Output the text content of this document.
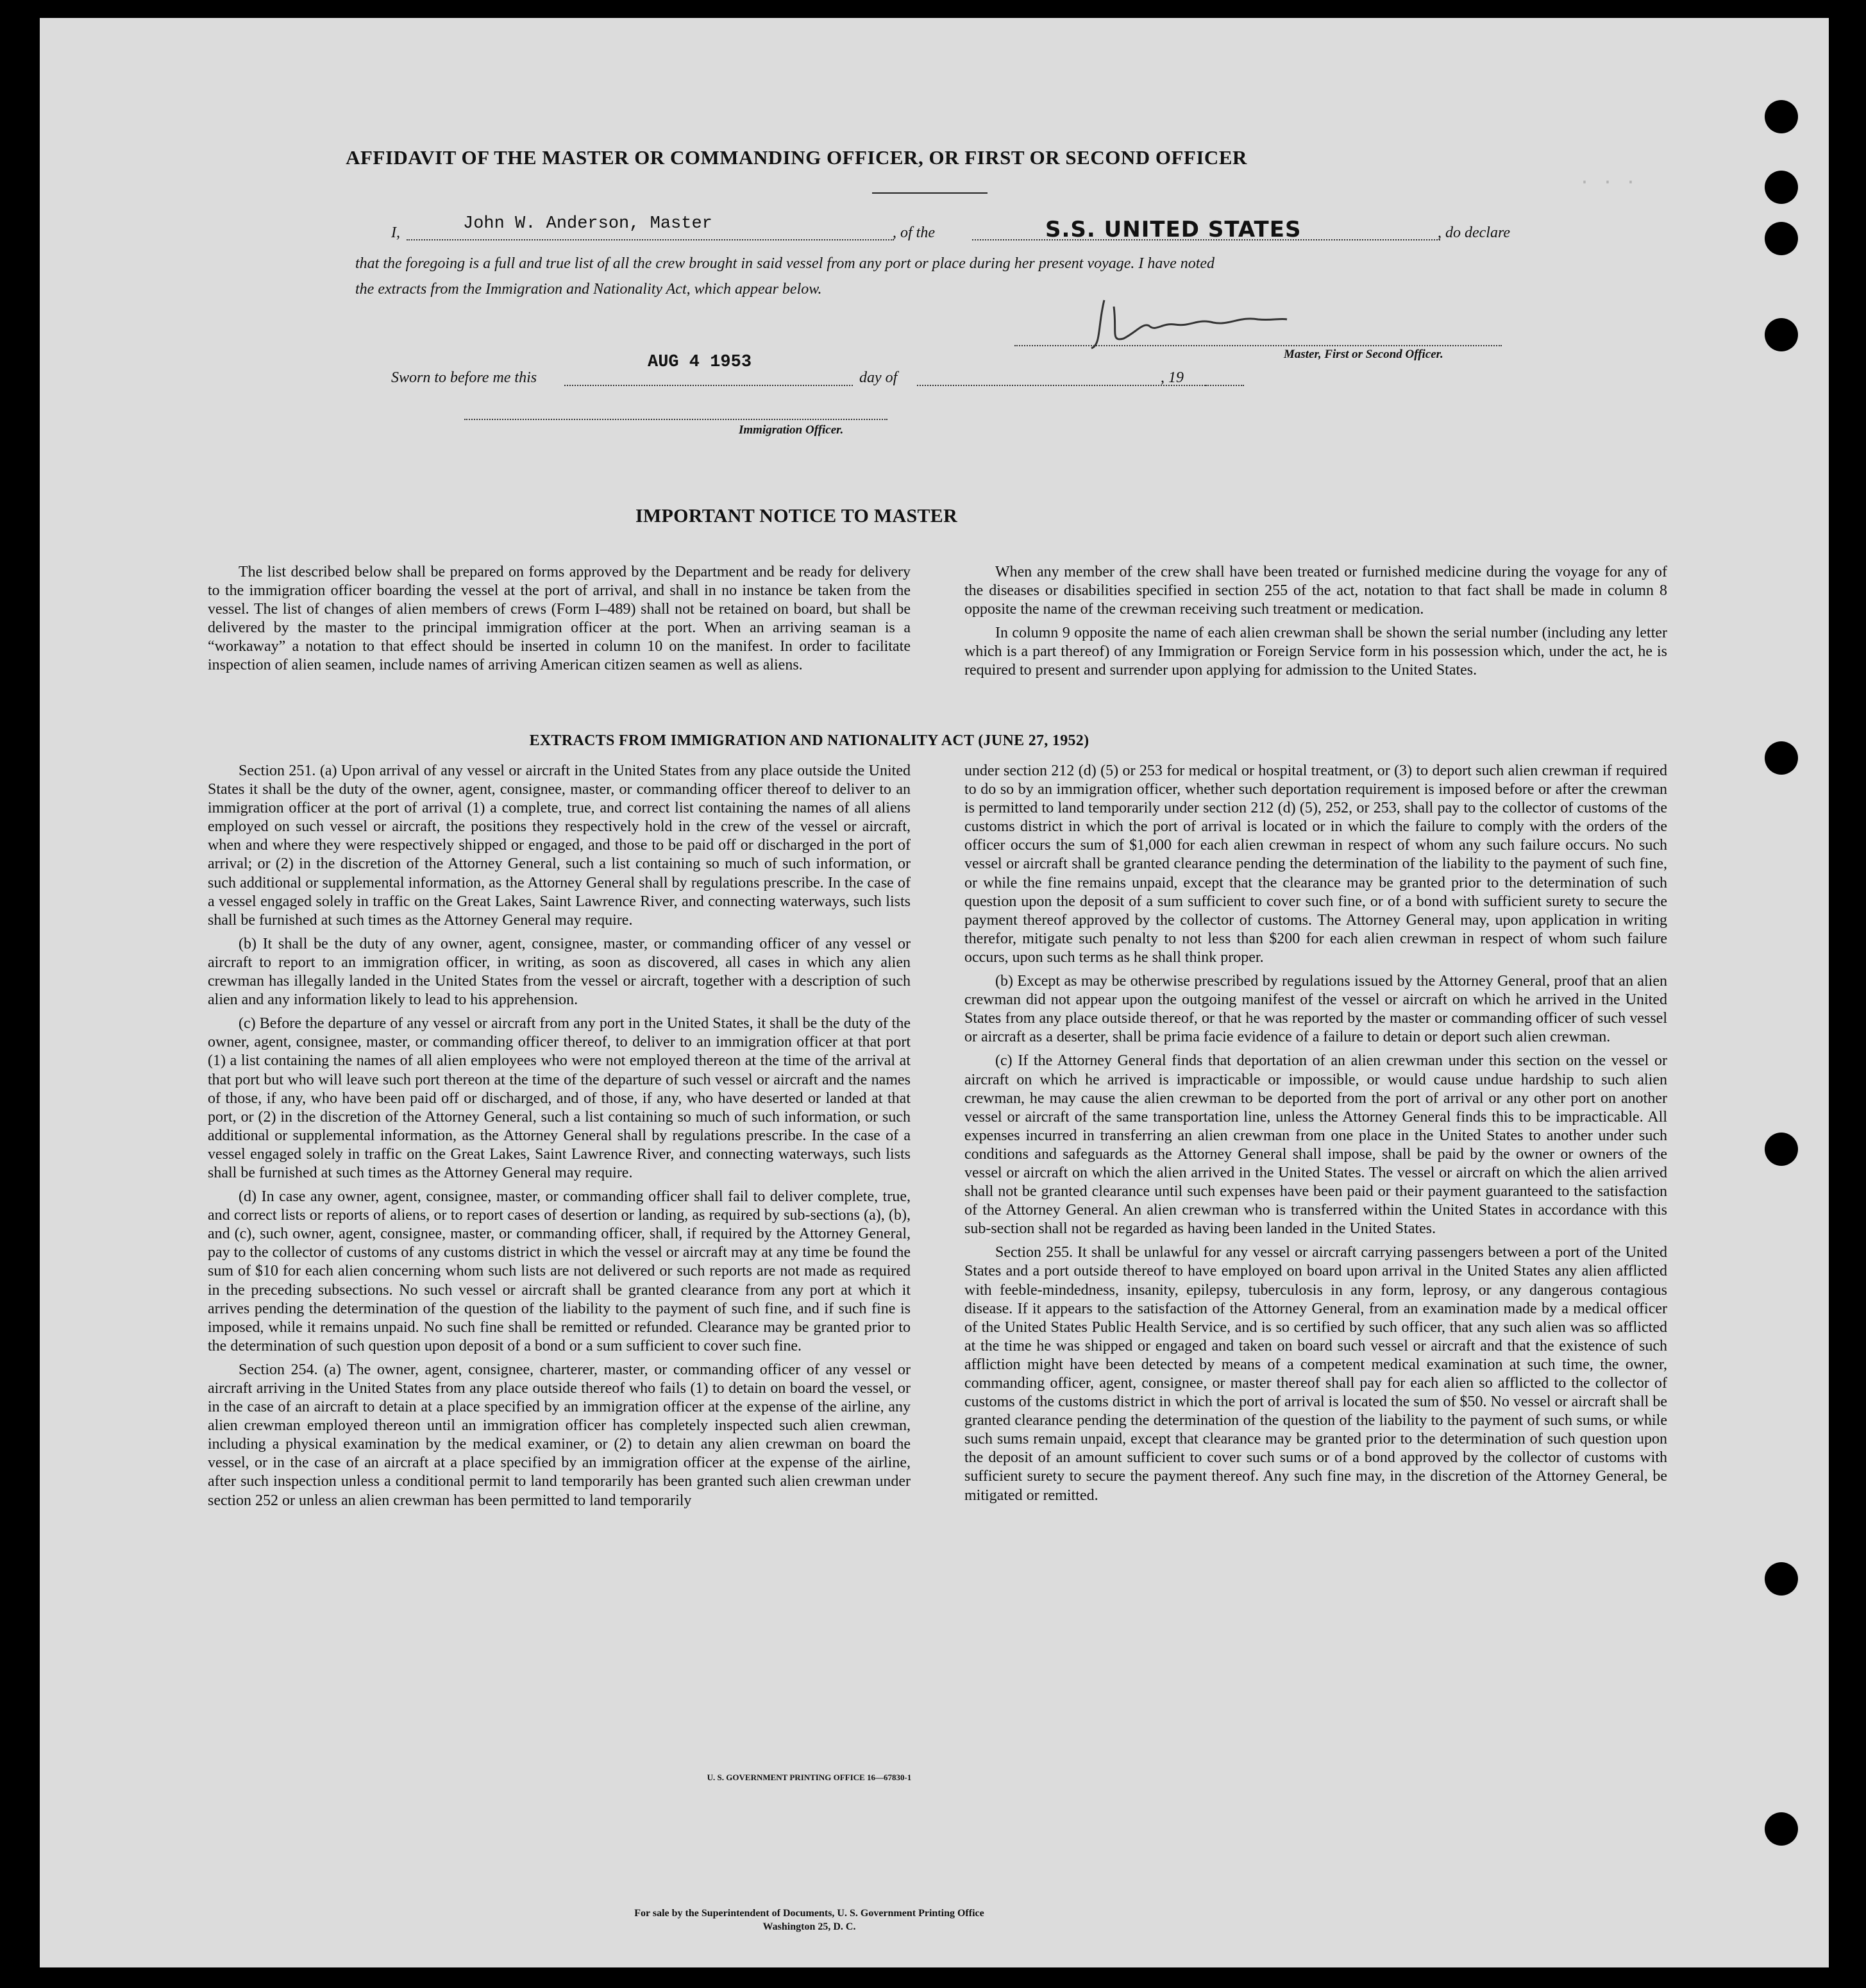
· · ·
AFFIDAVIT OF THE MASTER OR COMMANDING OFFICER, OR FIRST OR SECOND OFFICER
I,	John W. Anderson, Master	, of the	S.S. UNITED STATES	, do declare
that the foregoing is a full and true list of all the crew brought in said vessel from any port or place during her present voyage. I have noted
the extracts from the Immigration and Nationality Act, which appear below.
Master, First or Second Officer.
Sworn to before me this
AUG 4 1953
day of	, 19
Immigration Officer.
IMPORTANT NOTICE TO MASTER

The list described below shall be prepared on forms approved by the Department and be ready for delivery to the immigration officer boarding the vessel at the port of arrival, and shall in no instance be taken from the vessel. The list of changes of alien members of crews (Form I–489) shall not be retained on board, but shall be delivered by the master to the principal immigration officer at the port. When an arriving seaman is a “workaway” a notation to that effect should be inserted in column 10 on the manifest. In order to facilitate inspection of alien seamen, include names of arriving American citizen seamen as well as aliens.

When any member of the crew shall have been treated or furnished medicine during the voyage for any of the diseases or disabilities specified in section 255 of the act, notation to that fact shall be made in column 8 opposite the name of the crewman receiving such treatment or medication.

In column 9 opposite the name of each alien crewman shall be shown the serial number (including any letter which is a part thereof) of any Immigration or Foreign Service form in his possession which, under the act, he is required to present and surrender upon applying for admission to the United States.

EXTRACTS FROM IMMIGRATION AND NATIONALITY ACT (JUNE 27, 1952)

Section 251. (a) Upon arrival of any vessel or aircraft in the United States from any place outside the United States it shall be the duty of the owner, agent, consignee, master, or commanding officer thereof to deliver to an immigration officer at the port of arrival (1) a complete, true, and correct list containing the names of all aliens employed on such vessel or aircraft, the positions they respectively hold in the crew of the vessel or aircraft, when and where they were respectively shipped or engaged, and those to be paid off or discharged in the port of arrival; or (2) in the discretion of the Attorney General, such a list containing so much of such information, or such additional or supplemental information, as the Attorney General shall by regulations prescribe. In the case of a vessel engaged solely in traffic on the Great Lakes, Saint Lawrence River, and connecting waterways, such lists shall be furnished at such times as the Attorney General may require.

(b) It shall be the duty of any owner, agent, consignee, master, or commanding officer of any vessel or aircraft to report to an immigration officer, in writing, as soon as discovered, all cases in which any alien crewman has illegally landed in the United States from the vessel or aircraft, together with a description of such alien and any information likely to lead to his apprehension.

(c) Before the departure of any vessel or aircraft from any port in the United States, it shall be the duty of the owner, agent, consignee, master, or commanding officer thereof, to deliver to an immigration officer at that port (1) a list containing the names of all alien employees who were not employed thereon at the time of the arrival at that port but who will leave such port thereon at the time of the departure of such vessel or aircraft and the names of those, if any, who have been paid off or discharged, and of those, if any, who have deserted or landed at that port, or (2) in the discretion of the Attorney General, such a list containing so much of such information, or such additional or supplemental information, as the Attorney General shall by regulations prescribe. In the case of a vessel engaged solely in traffic on the Great Lakes, Saint Lawrence River, and connecting waterways, such lists shall be furnished at such times as the Attorney General may require.

(d) In case any owner, agent, consignee, master, or commanding officer shall fail to deliver complete, true, and correct lists or reports of aliens, or to report cases of desertion or landing, as required by sub-sections (a), (b), and (c), such owner, agent, consignee, master, or commanding officer, shall, if required by the Attorney General, pay to the collector of customs of any customs district in which the vessel or aircraft may at any time be found the sum of $10 for each alien concerning whom such lists are not delivered or such reports are not made as required in the preceding subsections. No such vessel or aircraft shall be granted clearance from any port at which it arrives pending the determination of the question of the liability to the payment of such fine, and if such fine is imposed, while it remains unpaid. No such fine shall be remitted or refunded. Clearance may be granted prior to the determination of such question upon deposit of a bond or a sum sufficient to cover such fine.

Section 254. (a) The owner, agent, consignee, charterer, master, or commanding officer of any vessel or aircraft arriving in the United States from any place outside thereof who fails (1) to detain on board the vessel, or in the case of an aircraft to detain at a place specified by an immigration officer at the expense of the airline, any alien crewman employed thereon until an immigration officer has completely inspected such alien crewman, including a physical examination by the medical examiner, or (2) to detain any alien crewman on board the vessel, or in the case of an aircraft at a place specified by an immigration officer at the expense of the airline, after such inspection unless a conditional permit to land temporarily has been granted such alien crewman under section 252 or unless an alien crewman has been permitted to land temporarily

under section 212 (d) (5) or 253 for medical or hospital treatment, or (3) to deport such alien crewman if required to do so by an immigration officer, whether such deportation requirement is imposed before or after the crewman is permitted to land temporarily under section 212 (d) (5), 252, or 253, shall pay to the collector of customs of the customs district in which the port of arrival is located or in which the failure to comply with the orders of the officer occurs the sum of $1,000 for each alien crewman in respect of whom any such failure occurs. No such vessel or aircraft shall be granted clearance pending the determination of the liability to the payment of such fine, or while the fine remains unpaid, except that the clearance may be granted prior to the determination of such question upon the deposit of a sum sufficient to cover such fine, or of a bond with sufficient surety to secure the payment thereof approved by the collector of customs. The Attorney General may, upon application in writing therefor, mitigate such penalty to not less than $200 for each alien crewman in respect of whom such failure occurs, upon such terms as he shall think proper.

(b) Except as may be otherwise prescribed by regulations issued by the Attorney General, proof that an alien crewman did not appear upon the outgoing manifest of the vessel or aircraft on which he arrived in the United States from any place outside thereof, or that he was reported by the master or commanding officer of such vessel or aircraft as a deserter, shall be prima facie evidence of a failure to detain or deport such alien crewman.

(c) If the Attorney General finds that deportation of an alien crewman under this section on the vessel or aircraft on which he arrived is impracticable or impossible, or would cause undue hardship to such alien crewman, he may cause the alien crewman to be deported from the port of arrival or any other port on another vessel or aircraft of the same transportation line, unless the Attorney General finds this to be impracticable. All expenses incurred in transferring an alien crewman from one place in the United States to another under such conditions and safeguards as the Attorney General shall impose, shall be paid by the owner or owners of the vessel or aircraft on which the alien arrived in the United States. The vessel or aircraft on which the alien arrived shall not be granted clearance until such expenses have been paid or their payment guaranteed to the satisfaction of the Attorney General. An alien crewman who is transferred within the United States in accordance with this sub-section shall not be regarded as having been landed in the United States.

Section 255. It shall be unlawful for any vessel or aircraft carrying passengers between a port of the United States and a port outside thereof to have employed on board upon arrival in the United States any alien afflicted with feeble-mindedness, insanity, epilepsy, tuberculosis in any form, leprosy, or any dangerous contagious disease. If it appears to the satisfaction of the Attorney General, from an examination made by a medical officer of the United States Public Health Service, and is so certified by such officer, that any such alien was so afflicted at the time he was shipped or engaged and taken on board such vessel or aircraft and that the existence of such affliction might have been detected by means of a competent medical examination at such time, the owner, commanding officer, agent, consignee, or master thereof shall pay for each alien so afflicted to the collector of customs of the customs district in which the port of arrival is located the sum of $50. No vessel or aircraft shall be granted clearance pending the determination of the question of the liability to the payment of such sums, or while such sums remain unpaid, except that clearance may be granted prior to the determination of such question upon the deposit of an amount sufficient to cover such sums or of a bond approved by the collector of customs with sufficient surety to secure the payment thereof. Any such fine may, in the discretion of the Attorney General, be mitigated or remitted.

U. S. GOVERNMENT PRINTING OFFICE 16—67830-1
For sale by the Superintendent of Documents, U. S. Government Printing Office
Washington 25, D. C.
